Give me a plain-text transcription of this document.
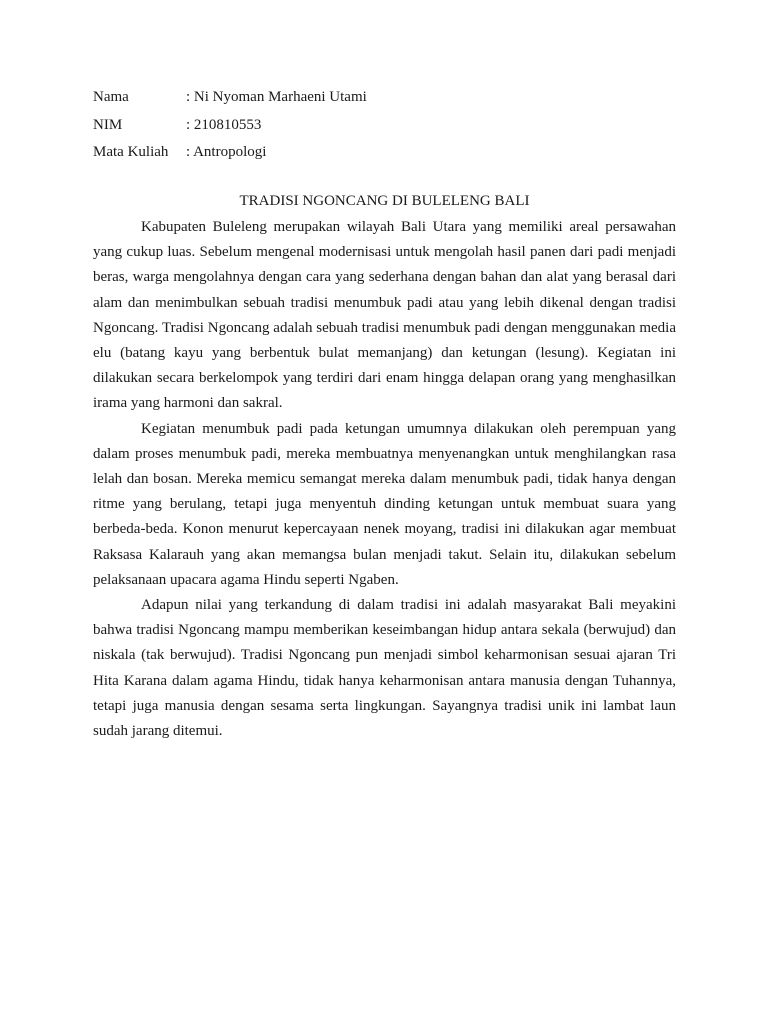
Nama	: Ni Nyoman Marhaeni Utami
NIM	: 210810553
Mata Kuliah	: Antropologi
TRADISI NGONCANG DI BULELENG BALI

Kabupaten Buleleng merupakan wilayah Bali Utara yang memiliki areal persawahan yang cukup luas. Sebelum mengenal modernisasi untuk mengolah hasil panen dari padi menjadi beras, warga mengolahnya dengan cara yang sederhana dengan bahan dan alat yang berasal dari alam dan menimbulkan sebuah tradisi menumbuk padi atau yang lebih dikenal dengan tradisi Ngoncang. Tradisi Ngoncang adalah sebuah tradisi menumbuk padi dengan menggunakan media elu (batang kayu yang berbentuk bulat memanjang) dan ketungan (lesung). Kegiatan ini dilakukan secara berkelompok yang terdiri dari enam hingga delapan orang yang menghasilkan irama yang harmoni dan sakral.

Kegiatan menumbuk padi pada ketungan umumnya dilakukan oleh perempuan yang dalam proses menumbuk padi, mereka membuatnya menyenangkan untuk menghilangkan rasa lelah dan bosan. Mereka memicu semangat mereka dalam menumbuk padi, tidak hanya dengan ritme yang berulang, tetapi juga menyentuh dinding ketungan untuk membuat suara yang berbeda-beda. Konon menurut kepercayaan nenek moyang, tradisi ini dilakukan agar membuat Raksasa Kalarauh yang akan memangsa bulan menjadi takut. Selain itu, dilakukan sebelum pelaksanaan upacara agama Hindu seperti Ngaben.

Adapun nilai yang terkandung di dalam tradisi ini adalah masyarakat Bali meyakini bahwa tradisi Ngoncang mampu memberikan keseimbangan hidup antara sekala (berwujud) dan niskala (tak berwujud). Tradisi Ngoncang pun menjadi simbol keharmonisan sesuai ajaran Tri Hita Karana dalam agama Hindu, tidak hanya keharmonisan antara manusia dengan Tuhannya, tetapi juga manusia dengan sesama serta lingkungan. Sayangnya tradisi unik ini lambat laun sudah jarang ditemui.
